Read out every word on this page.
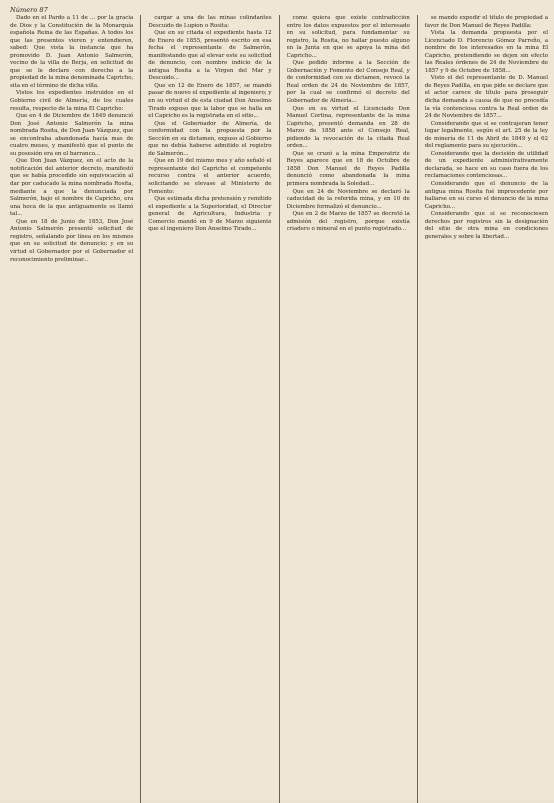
Número 87

Dado en el Pardo a 11 de ... por la gracia de Dios y la Constitución de la Monarquía española Reina de las Españas. A todos los que las presentes vieren y entendieren, sabed: Que vista la instancia que ha promovido D. Juan Antonio Salmerón, vecino de la villa de Berja, en solicitud de que se le declare con derecho a la propiedad de la mina denominada Capricho, sita en el término de dicha villa.

Vistos los expedientes instruidos en el Gobierno civil de Almería, de los cuales resulta, respecto de la mina El Capricho:

Que en 4 de Diciembre de 1849 denunció Don José Antonio Salmerón la mina nombrada Rosita, de Don Juan Vázquez, que se encontraba abandonada hacía mas de cuatro meses, y manifestó que el punto de su posesión era en el barranco...

Que Don Juan Vázquez, en el acto de la notificación del anterior decreto, manifestó que se había procedido sin equivocación al dar por caducado la mina nombrada Rosita, mediante a que la denunciada por Salmerón, bajo el nombre de Capricho, era una hoca de la que antiguamente se llamó tal...

Que en 18 de Junio de 1853, Don José Antonio Salmerón presentó solicitud de registro, señalando por línea en los mismos que en su solicitud de denuncio; y en su virtud el Gobernador por el Gobernador el reconocimiento preliminar...

cargar a una de las minas colindantes Descuido de Lupion o Rosita:

Que en su citada el expediente hasta 12 de Enero de 1855, presentó escrito en esa fecha el representante de Salmerón, manifestando que al elevar este su solicitud de denuncio, con nombre indicio de la antigua Rosita a la Virgen del Mar y Descuido...

Que en 12 de Enero de 1857, se mandó pasar de nuevo el expediente al ingeniero; y en su virtud el de esta ciudad Don Anselmo Tirado expuso que la labor que se halla en el Capricho es la registrada en el sitio...

Que el Gobernador de Almería, de conformidad con la propuesta por la Sección en su dictamen, expuso al Gobierno que no debía haberse admitido el registro de Salmerón...

Que en 19 del mismo mes y año señaló el representante del Capricho el competente recurso contra el anterior acuerdo, solicitando se elevase al Ministerio de Fomento:

Que estimada dicha pretensión y remitido el expediente a la Superioridad, el Director general de Agricultura, Industria y Comercio mandó en 9 de Marzo siguiente que el ingeniero Don Anselmo Tirado...

como quiera que existe contradicción entre los datos expuestos por el interesado en su solicitud, para fundamentar su registro, la Rosita, no hallar puesto alguno en la Junta en que se apoya la mina del Capricho...

Que pedido informe a la Sección de Gobernación y Fomento del Consejo Real, y de conformidad con su dictamen, revocó la Real orden de 24 de Noviembre de 1857, por la cual se confirmó el decreto del Gobernador de Almería...

Que en su virtud el Licenciado Don Manuel Cortina, representante de la mina Capricho, presentó demanda en 28 de Marzo de 1858 ante el Consejo Real, pidiendo la revocación de la citada Real orden...

Que se cruzó a la mina Emperatriz de Reyes aparece que en 18 de Octubre de 1858 Don Manuel de Reyes Padilla denunció como abandonada la mina primera nombrada la Soledad...

Que en 24 de Noviembre se declaró la caducidad de la referida mina, y en 10 de Diciembre formalizó el denuncio...

Que en 2 de Marzo de 1857 se decretó la admisión del registro, porque existía criadero o mineral en el punto registrado...

se mandó expedir el título de propiedad a favor de Don Manuel de Reyes Padilla:

Vista la demanda propuesta por el Licenciado D. Florencio Gómez Parreño, a nombre de los interesados en la mina El Capricho, pretendiendo se dejen sin efecto las Reales órdenes de 24 de Noviembre de 1857 y 9 de Octubre de 1858...

Visto el del representante de D. Manuel de Reyes Padilla, en que pide se declare que el actor carece de título para proseguir dicha demanda a causa de que no procedía la vía contenciosa contra la Real orden de 24 de Noviembre de 1857...

Considerando que si se contrajeran tener lugar legalmente, según el art. 25 de la ley de minería de 11 de Abril de 1849 y el 62 del reglamento para su ejecución...

Considerando que la decisión de utilidad de un expediente administrativamente declarada, se hace en su caso fuera de los reclamaciones contenciosas...

Considerando que el denuncio de la antigua mina Rosita fué improcedente por hallarse en su curso el denuncio de la mina Capricho...

Considerando que si se reconociesen derechos por registros sin la designación del sitio de otra mina en condiciones generales y sobre la libertad...
